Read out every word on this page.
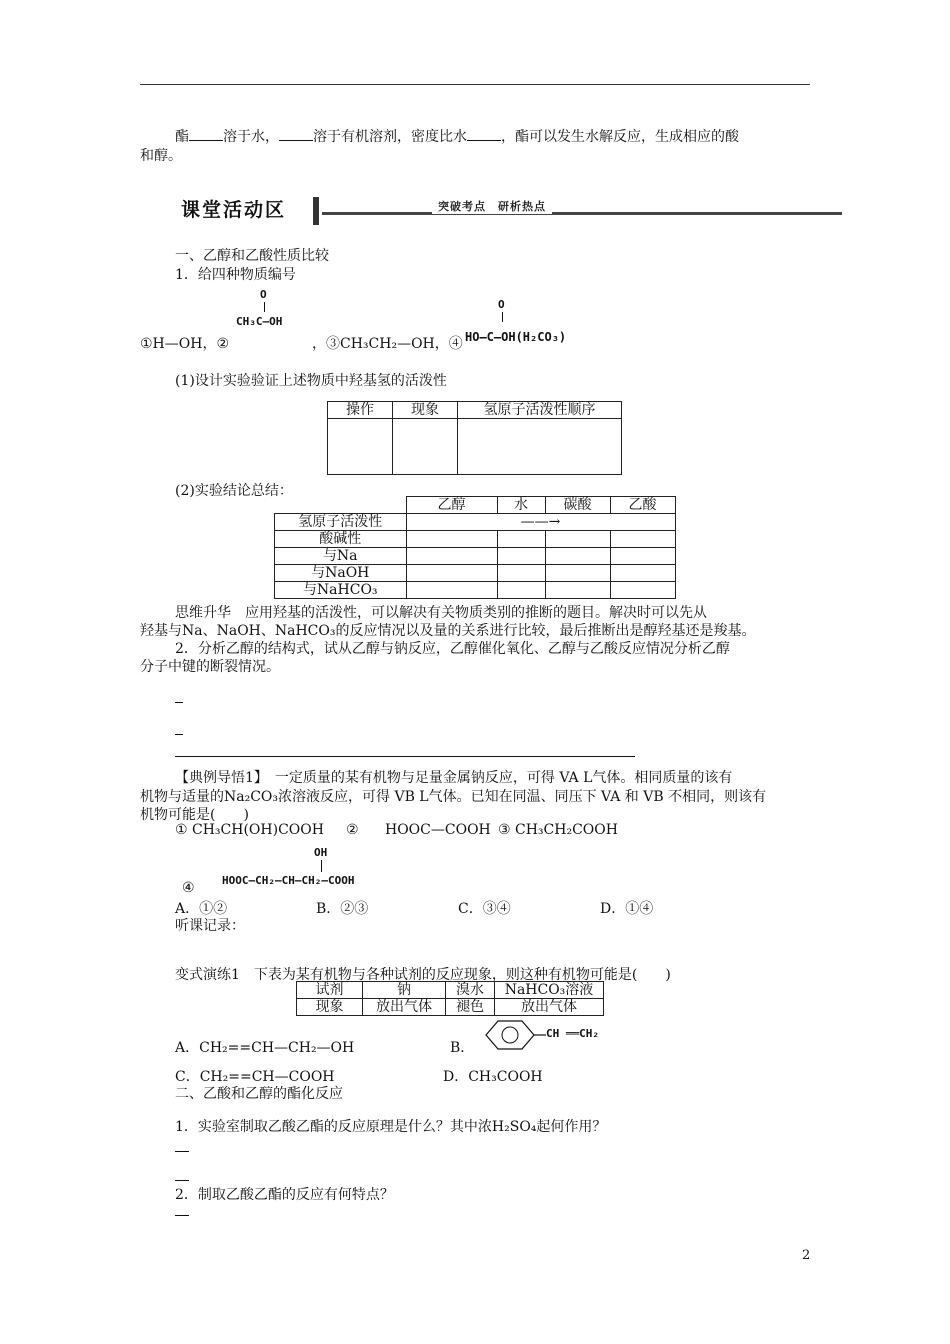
酯 溶于水， 溶于有机溶剂，密度比水 ，酯可以发生水解反应，生成相应的酸
和醇。
课堂活动区	突破考点　研析热点
一、乙醇和乙酸性质比较
1．给四种物质编号
O
CH₃C—OH
O
HO—C—OH(H₂CO₃)
①H—OH，②	，③CH₃CH₂—OH，④
(1)设计实验验证上述物质中羟基氢的活泼性
操作	现象	氢原子活泼性顺序

(2)实验结论总结：
	乙醇	水	碳酸	乙酸
氢原子活泼性	——→			
酸碱性				
与Na				
与NaOH				
与NaHCO₃				
思维升华　应用羟基的活泼性，可以解决有关物质类别的推断的题目。解决时可以先从
羟基与Na、NaOH、NaHCO₃的反应情况以及量的关系进行比较，最后推断出是醇羟基还是羧基。
2．分析乙醇的结构式，试从乙醇与钠反应，乙醇催化氧化、乙醇与乙酸反应情况分析乙醇
分子中键的断裂情况。
【典例导悟1】　一定质量的某有机物与足量金属钠反应，可得 VA L气体。相同质量的该有
机物与适量的Na₂CO₃浓溶液反应，可得 VB L气体。已知在同温、同压下 VA 和 VB 不相同，则该有
机物可能是(　　)
① CH₃CH(OH)COOH ② HOOC—COOH ③ CH₃CH₂COOH
OH
HOOC—CH₂—CH—CH₂—COOH
④
A．①②	B．②③	C．③④	D．①④
听课记录：
变式演练1　下表为某有机物与各种试剂的反应现象，则这种有机物可能是(　　)
试剂	钠	溴水	NaHCO₃溶液
现象	放出气体	褪色	放出气体
A．CH₂==CH—CH₂—OH	B．
CH ══CH₂
C．CH₂==CH—COOH	D．CH₃COOH
二、乙酸和乙醇的酯化反应
1．实验室制取乙酸乙酯的反应原理是什么？其中浓H₂SO₄起何作用？
2．制取乙酸乙酯的反应有何特点？
2
